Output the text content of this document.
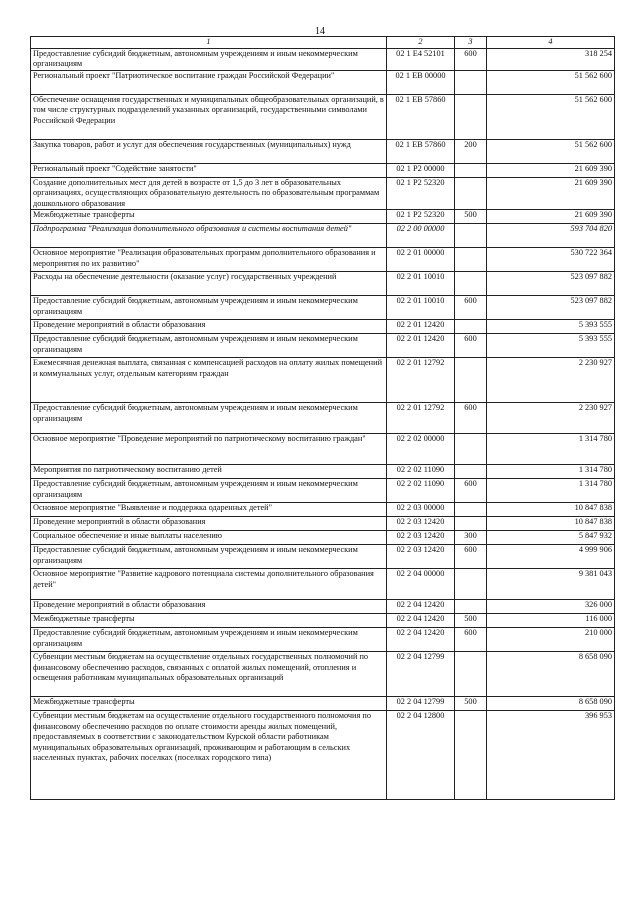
14
1	2	3	4
Предоставление субсидий бюджетным, автономным учреждениям и иным некоммерческим организациям	02 1 E4 52101	600	318 254
Региональный проект "Патриотическое воспитание граждан Российской Федерации"	02 1 ЕВ 00000		51 562 600
Обеспечение оснащения государственных и муниципальных общеобразовательных организаций, в том числе структурных подразделений указанных организаций, государственными символами Российской Федерации	02 1 ЕВ 57860		51 562 600
Закупка товаров, работ и услуг для обеспечения государственных (муниципальных) нужд	02 1 ЕВ 57860	200	51 562 600
Региональный проект "Содействие занятости"	02 1 P2 00000		21 609 390
Создание дополнительных мест для детей в возрасте от 1,5 до 3 лет в образовательных организациях, осуществляющих образовательную деятельность по образовательным программам дошкольного образования	02 1 P2 52320		21 609 390
Межбюджетные трансферты	02 1 P2 52320	500	21 609 390
Подпрограмма "Реализация дополнительного образования и системы воспитания детей"	02 2 00 00000		593 704 820
Основное мероприятие "Реализация образовательных программ дополнительного образования и мероприятия по их развитию"	02 2 01 00000		530 722 364
Расходы на обеспечение деятельности (оказание услуг) государственных учреждений	02 2 01 10010		523 097 882
Предоставление субсидий бюджетным, автономным учреждениям и иным некоммерческим организациям	02 2 01 10010	600	523 097 882
Проведение мероприятий в области образования	02 2 01 12420		5 393 555
Предоставление субсидий бюджетным, автономным учреждениям и иным некоммерческим организациям	02 2 01 12420	600	5 393 555
Ежемесячная денежная выплата, связанная с компенсацией расходов на оплату жилых помещений и коммунальных услуг, отдельным категориям граждан	02 2 01 12792		2 230 927
Предоставление субсидий бюджетным, автономным учреждениям и иным некоммерческим организациям	02 2 01 12792	600	2 230 927
Основное мероприятие "Проведение мероприятий по патриотическому воспитанию граждан"	02 2 02 00000		1 314 780
Мероприятия по патриотическому воспитанию детей	02 2 02 11090		1 314 780
Предоставление субсидий бюджетным, автономным учреждениям и иным некоммерческим организациям	02 2 02 11090	600	1 314 780
Основное мероприятие "Выявление и поддержка одаренных детей"	02 2 03 00000		10 847 838
Проведение мероприятий в области образования	02 2 03 12420		10 847 838
Социальное обеспечение и иные выплаты населению	02 2 03 12420	300	5 847 932
Предоставление субсидий бюджетным, автономным учреждениям и иным некоммерческим организациям	02 2 03 12420	600	4 999 906
Основное мероприятие "Развитие кадрового потенциала системы дополнительного образования детей"	02 2 04 00000		9 381 043
Проведение мероприятий в области образования	02 2 04 12420		326 000
Межбюджетные трансферты	02 2 04 12420	500	116 000
Предоставление субсидий бюджетным, автономным учреждениям и иным некоммерческим организациям	02 2 04 12420	600	210 000
Субвенции местным бюджетам на осуществление отдельных государственных полномочий по финансовому обеспечению расходов, связанных с оплатой жилых помещений, отопления и освещения работникам муниципальных образовательных организаций	02 2 04 12799		8 658 090
Межбюджетные трансферты	02 2 04 12799	500	8 658 090
Субвенции местным бюджетам на осуществление отдельного государственного полномочия по финансовому обеспечению расходов по оплате стоимости аренды жилых помещений, предоставляемых в соответствии с законодательством Курской области работникам муниципальных образовательных организаций, проживающим и работающим в сельских населенных пунктах, рабочих поселках (поселках городского типа)	02 2 04 12800		396 953
